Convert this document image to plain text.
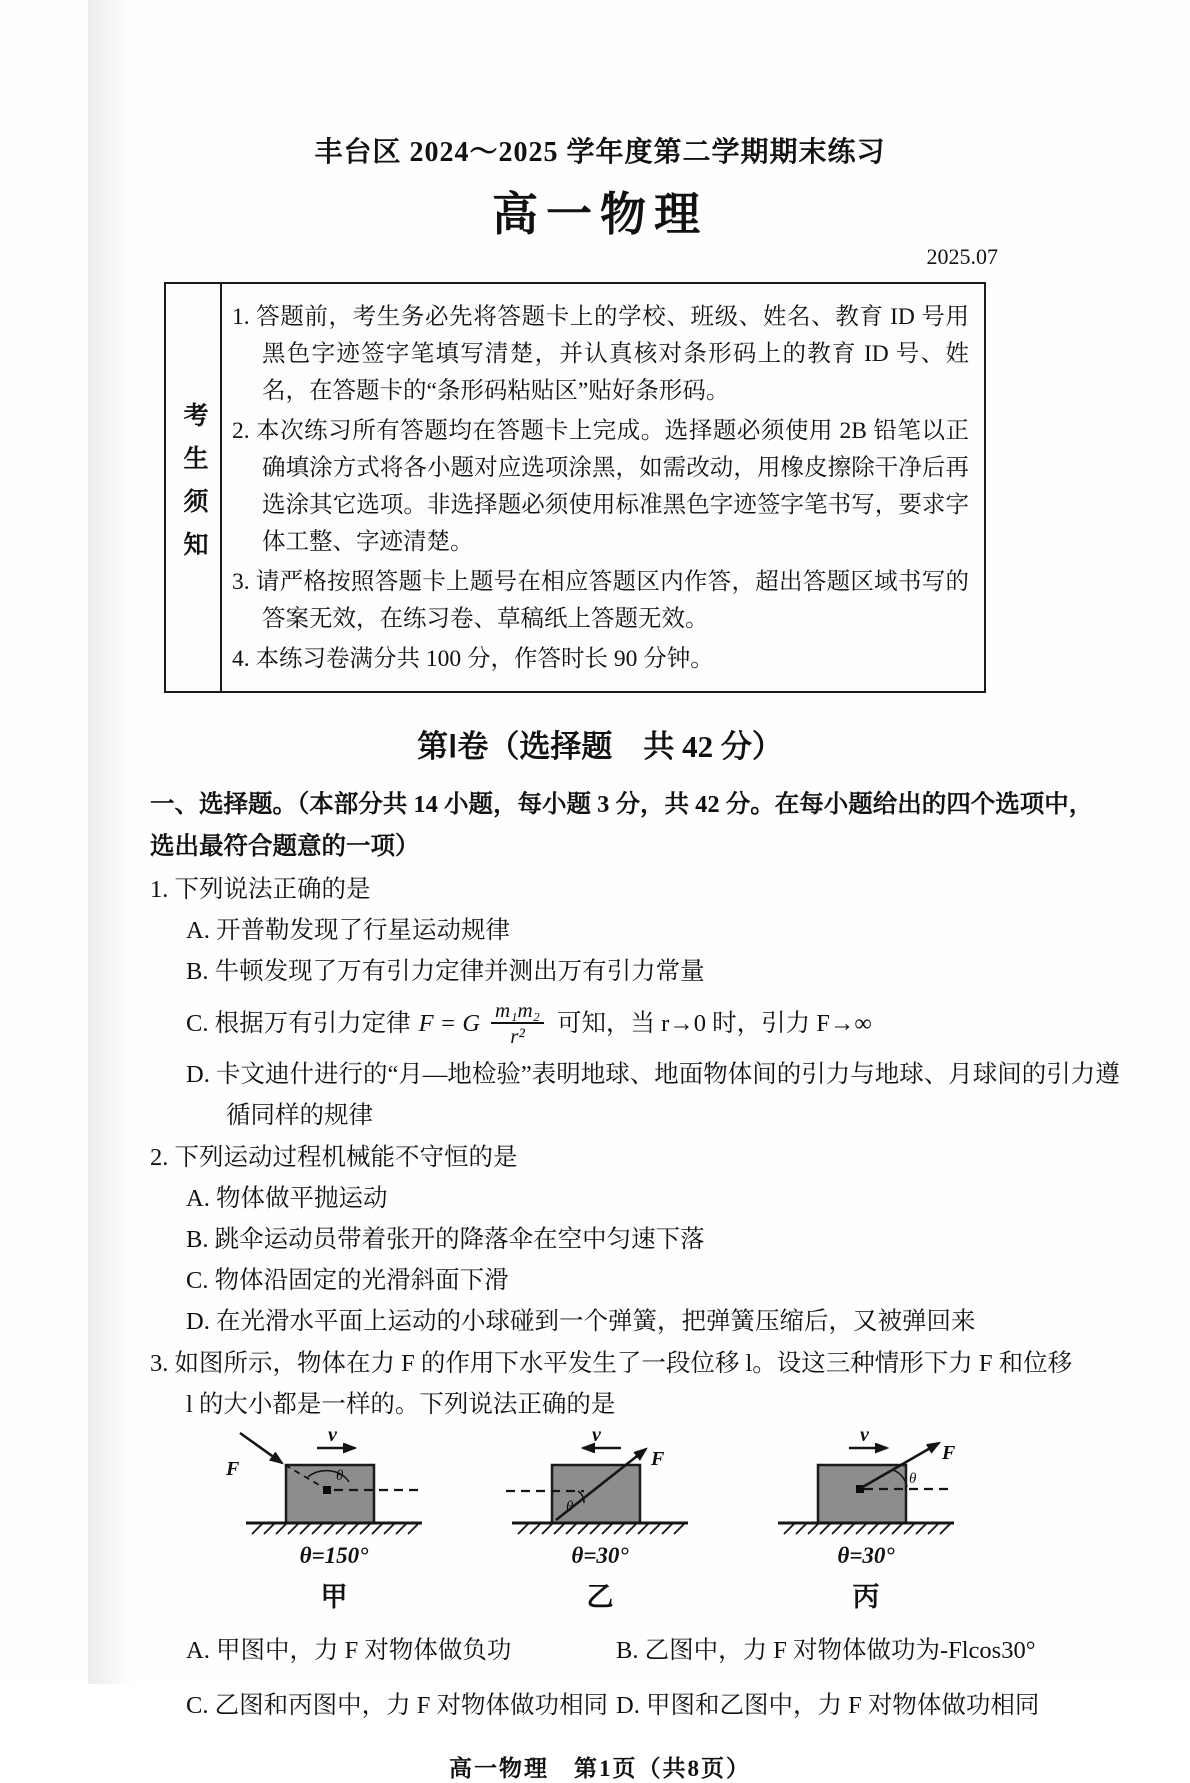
丰台区 2024～2025 学年度第二学期期末练习
高一物理
2025.07
考生须知
1. 答题前，考生务必先将答题卡上的学校、班级、姓名、教育 ID 号用黑色字迹签字笔填写清楚，并认真核对条形码上的教育 ID 号、姓名，在答题卡的“条形码粘贴区”贴好条形码。
2. 本次练习所有答题均在答题卡上完成。选择题必须使用 2B 铅笔以正确填涂方式将各小题对应选项涂黑，如需改动，用橡皮擦除干净后再选涂其它选项。非选择题必须使用标准黑色字迹签字笔书写，要求字体工整、字迹清楚。
3. 请严格按照答题卡上题号在相应答题区内作答，超出答题区域书写的答案无效，在练习卷、草稿纸上答题无效。
4. 本练习卷满分共 100 分，作答时长 90 分钟。
第Ⅰ卷（选择题　共 42 分）
一、选择题。（本部分共 14 小题，每小题 3 分，共 42 分。在每小题给出的四个选项中，
选出最符合题意的一项）
1. 下列说法正确的是
A. 开普勒发现了行星运动规律
B. 牛顿发现了万有引力定律并测出万有引力常量
C. 根据万有引力定律 F = G $\frac{\text{m₁m₂}}{\text{r²}}$ 可知，当 r→0 时，引力 F→∞
D. 卡文迪什进行的“月—地检验”表明地球、地面物体间的引力与地球、月球间的引力遵
循同样的规律
2. 下列运动过程机械能不守恒的是
A. 物体做平抛运动
B. 跳伞运动员带着张开的降落伞在空中匀速下落
C. 物体沿固定的光滑斜面下滑
D. 在光滑水平面上运动的小球碰到一个弹簧，把弹簧压缩后，又被弹回来
3. 如图所示，物体在力 F 的作用下水平发生了一段位移 l。设这三种情形下力 F 和位移
l 的大小都是一样的。下列说法正确的是
v
F	θ
θ=150°
甲
v
F
θ
θ=30°
乙
v
F
θ
θ=30°
丙
A. 甲图中，力 F 对物体做负功	B. 乙图中，力 F 对物体做功为-Flcos30°
C. 乙图和丙图中，力 F 对物体做功相同 D. 甲图和乙图中，力 F 对物体做功相同
高一物理　第1页（共8页）
